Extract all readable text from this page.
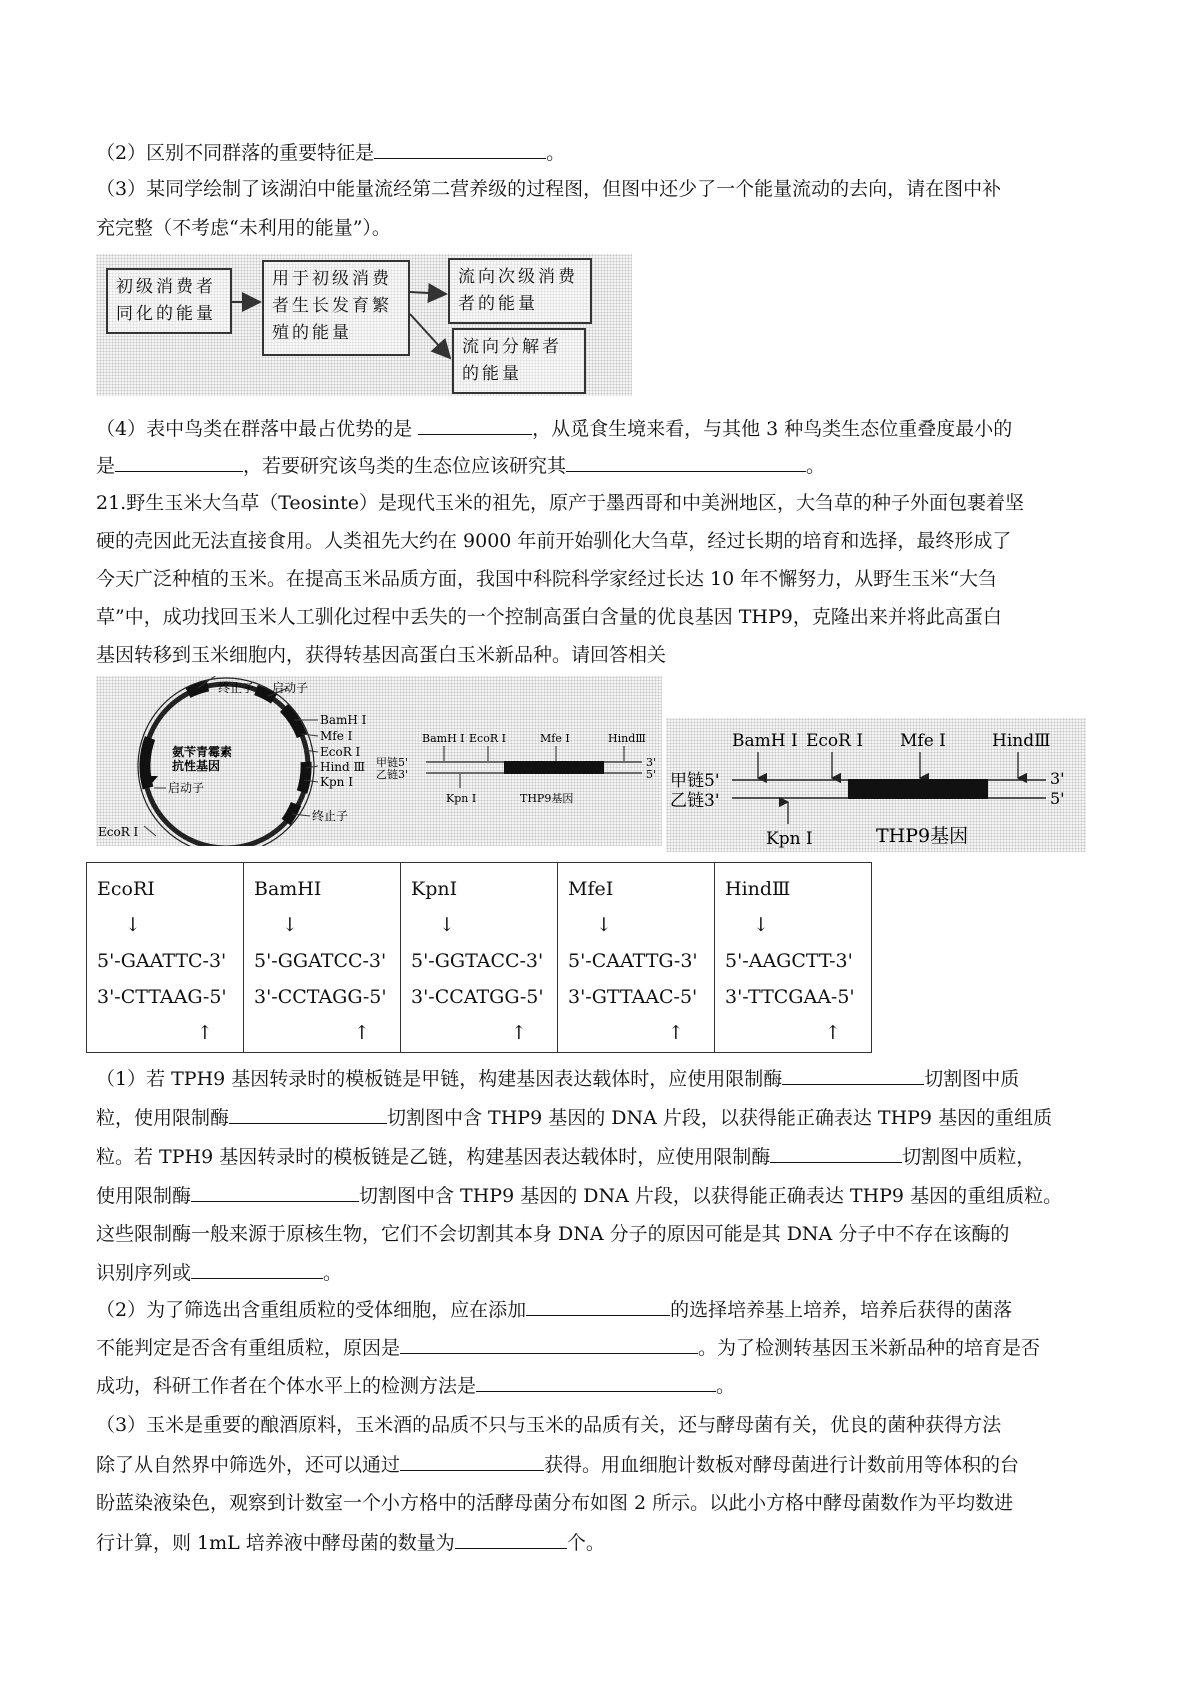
（2）区别不同群落的重要特征是	。
（3）某同学绘制了该湖泊中能量流经第二营养级的过程图，但图中还少了一个能量流动的去向，请在图中补
充完整（不考虑“未利用的能量”）。
初级消费者同化的能量
用于初级消费者生长发育繁殖的能量
流向次级消费者的能量
流向分解者的能量
（4）表中鸟类在群落中最占优势的是	，从觅食生境来看，与其他 3 种鸟类生态位重叠度最小的
是	，若要研究该鸟类的生态位应该研究其	。
21.野生玉米大刍草（Teosinte）是现代玉米的祖先，原产于墨西哥和中美洲地区，大刍草的种子外面包裹着坚
硬的壳因此无法直接食用。人类祖先大约在 9000 年前开始驯化大刍草，经过长期的培育和选择，最终形成了
今天广泛种植的玉米。在提高玉米品质方面，我国中科院科学家经过长达 10 年不懈努力，从野生玉米“大刍
草”中，成功找回玉米人工驯化过程中丢失的一个控制高蛋白含量的优良基因 THP9，克隆出来并将此高蛋白
基因转移到玉米细胞内，获得转基因高蛋白玉米新品种。请回答相关
终止子 启动子
BamH I
Mfe I
EcoR I
Hind Ⅲ
Kpn I
终止子
氨苄青霉素
抗性基因
启动子
EcoR I
BamH I EcoR I	Mfe I	HindⅢ
甲链5'
乙链3'
3'
5'
Kpn I	THP9基因
BamH I EcoR I Mfe I	HindⅢ
甲链5'
乙链3'
3'
5'
Kpn I	THP9基因
EcoRⅠ
↓
5'-GAATTC-3'
3'-CTTAAG-5'
↑

BamHⅠ
↓
5'-GGATCC-3'
3'-CCTAGG-5'
↑

KpnⅠ
↓
5'-GGTACC-3'
3'-CCATGG-5'
↑

MfeⅠ
↓
5'-CAATTG-3'
3'-GTTAAC-5'
↑

HindⅢ
↓
5'-AAGCTT-3'
3'-TTCGAA-5'
↑
（1）若 TPH9 基因转录时的模板链是甲链，构建基因表达载体时，应使用限制酶	切割图中质
粒，使用限制酶	切割图中含 THP9 基因的 DNA 片段，以获得能正确表达 THP9 基因的重组质
粒。若 TPH9 基因转录时的模板链是乙链，构建基因表达载体时，应使用限制酶	切割图中质粒，
使用限制酶	切割图中含 THP9 基因的 DNA 片段，以获得能正确表达 THP9 基因的重组质粒。
这些限制酶一般来源于原核生物，它们不会切割其本身 DNA 分子的原因可能是其 DNA 分子中不存在该酶的
识别序列或	。
（2）为了筛选出含重组质粒的受体细胞，应在添加	的选择培养基上培养，培养后获得的菌落
不能判定是否含有重组质粒，原因是	。为了检测转基因玉米新品种的培育是否
成功，科研工作者在个体水平上的检测方法是	。
（3）玉米是重要的酿酒原料，玉米酒的品质不只与玉米的品质有关，还与酵母菌有关，优良的菌种获得方法
除了从自然界中筛选外，还可以通过	获得。用血细胞计数板对酵母菌进行计数前用等体积的台
盼蓝染液染色，观察到计数室一个小方格中的活酵母菌分布如图 2 所示。以此小方格中酵母菌数作为平均数进
行计算，则 1mL 培养液中酵母菌的数量为	个。
